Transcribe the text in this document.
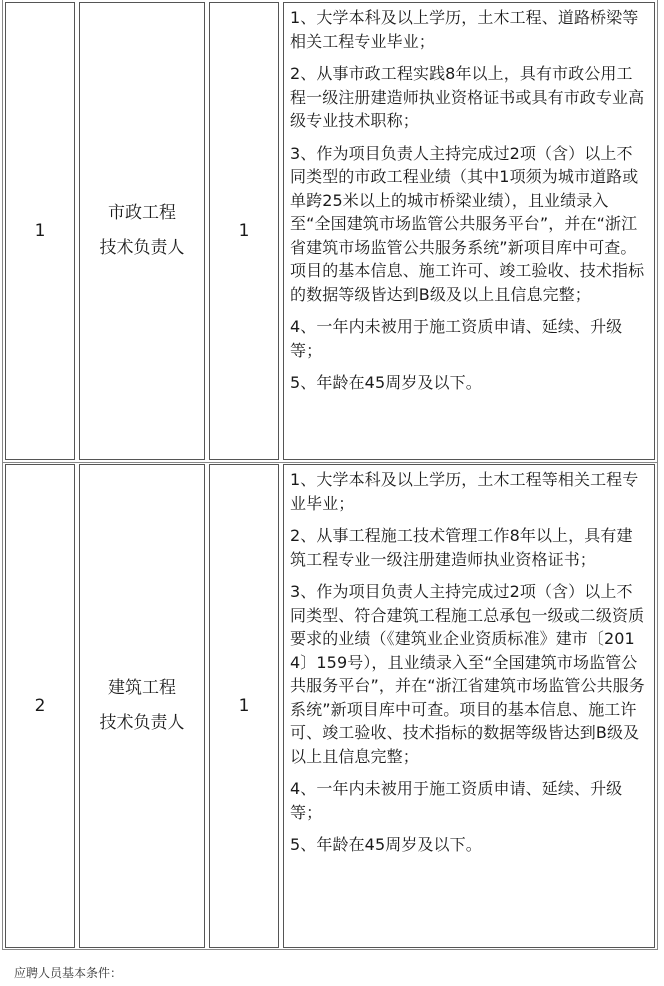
1
市政工程
技术负责人
1

1、大学本科及以上学历，土木工程、道路桥梁等相关工程专业毕业；

2、从事市政工程实践8年以上，具有市政公用工程一级注册建造师执业资格证书或具有市政专业高级专业技术职称；

3、作为项目负责人主持完成过2项（含）以上不同类型的市政工程业绩（其中1项须为城市道路或单跨25米以上的城市桥梁业绩），且业绩录入至“全国建筑市场监管公共服务平台”，并在“浙江省建筑市场监管公共服务系统”新项目库中可查。项目的基本信息、施工许可、竣工验收、技术指标的数据等级皆达到B级及以上且信息完整；

4、一年内未被用于施工资质申请、延续、升级等；

5、年龄在45周岁及以下。

2
建筑工程
技术负责人
1

1、大学本科及以上学历，土木工程等相关工程专业毕业；

2、从事工程施工技术管理工作8年以上，具有建筑工程专业一级注册建造师执业资格证书；

3、作为项目负责人主持完成过2项（含）以上不同类型、符合建筑工程施工总承包一级或二级资质要求的业绩（《建筑业企业资质标准》建市〔2014〕159号），且业绩录入至“全国建筑市场监管公共服务平台”，并在“浙江省建筑市场监管公共服务系统”新项目库中可查。项目的基本信息、施工许可、竣工验收、技术指标的数据等级皆达到B级及以上且信息完整；

4、一年内未被用于施工资质申请、延续、升级等；

5、年龄在45周岁及以下。

应聘人员基本条件：
